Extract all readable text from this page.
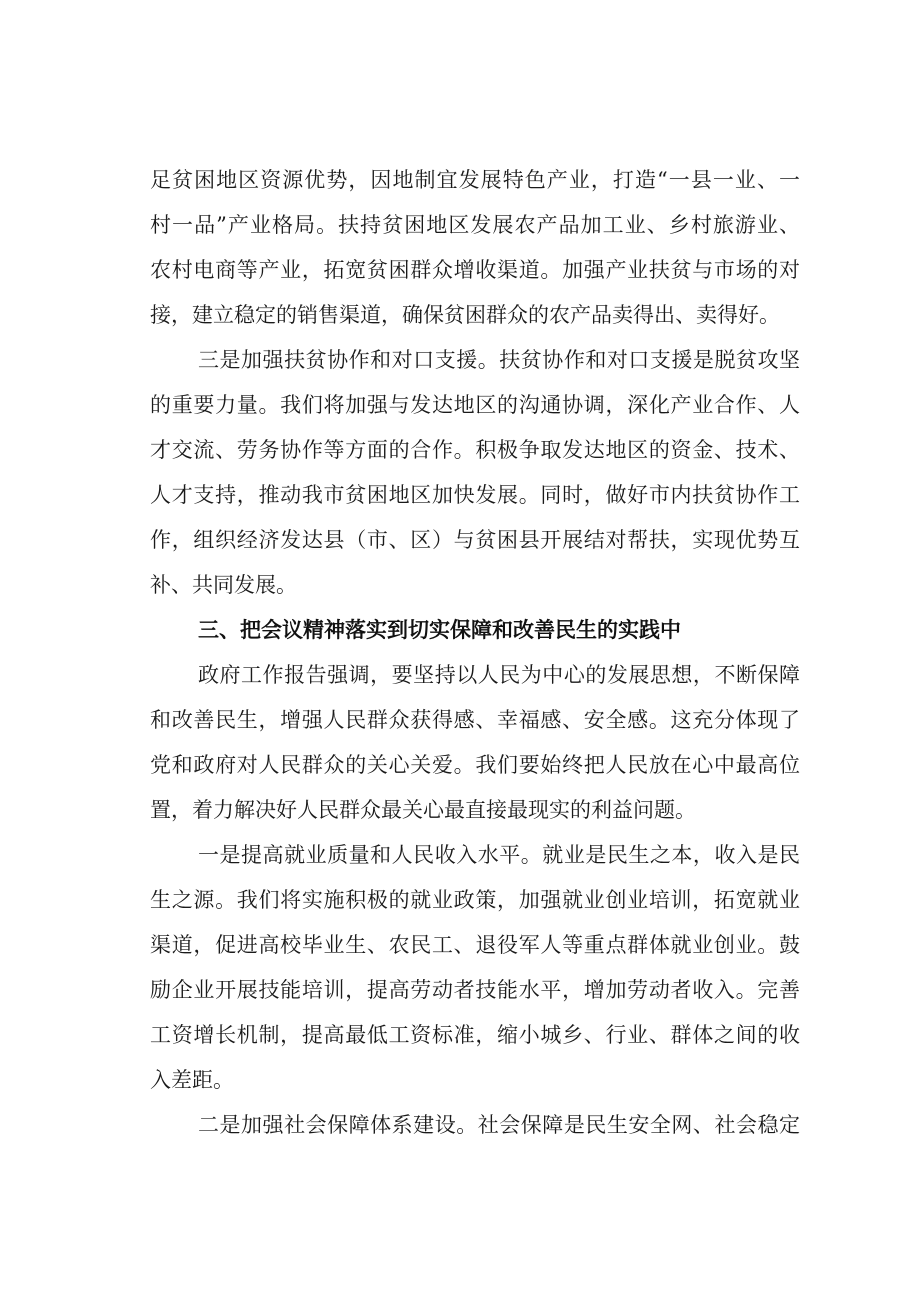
足贫困地区资源优势，因地制宜发展特色产业，打造“一县一业、一
村一品”产业格局。扶持贫困地区发展农产品加工业、乡村旅游业、
农村电商等产业，拓宽贫困群众增收渠道。加强产业扶贫与市场的对
接，建立稳定的销售渠道，确保贫困群众的农产品卖得出、卖得好。
三是加强扶贫协作和对口支援。扶贫协作和对口支援是脱贫攻坚
的重要力量。我们将加强与发达地区的沟通协调，深化产业合作、人
才交流、劳务协作等方面的合作。积极争取发达地区的资金、技术、
人才支持，推动我市贫困地区加快发展。同时，做好市内扶贫协作工
作，组织经济发达县（市、区）与贫困县开展结对帮扶，实现优势互
补、共同发展。
三、把会议精神落实到切实保障和改善民生的实践中
政府工作报告强调，要坚持以人民为中心的发展思想，不断保障
和改善民生，增强人民群众获得感、幸福感、安全感。这充分体现了
党和政府对人民群众的关心关爱。我们要始终把人民放在心中最高位
置，着力解决好人民群众最关心最直接最现实的利益问题。
一是提高就业质量和人民收入水平。就业是民生之本，收入是民
生之源。我们将实施积极的就业政策，加强就业创业培训，拓宽就业
渠道，促进高校毕业生、农民工、退役军人等重点群体就业创业。鼓
励企业开展技能培训，提高劳动者技能水平，增加劳动者收入。完善
工资增长机制，提高最低工资标准，缩小城乡、行业、群体之间的收
入差距。
二是加强社会保障体系建设。社会保障是民生安全网、社会稳定
